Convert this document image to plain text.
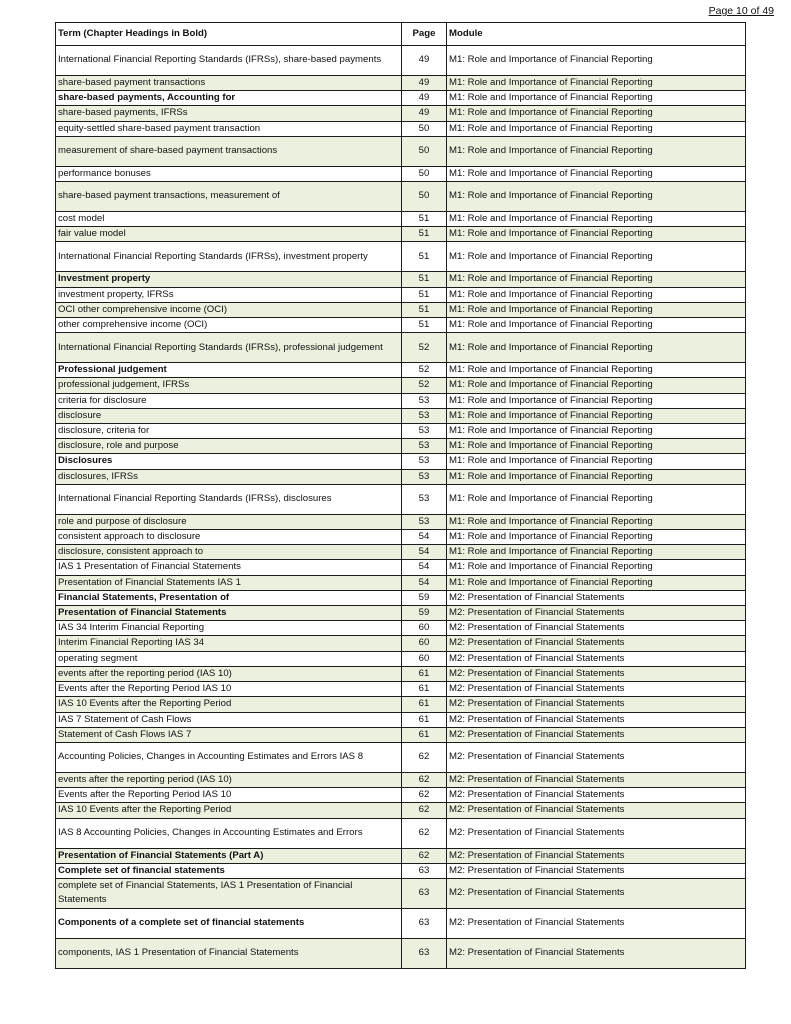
Page 10 of 49
Term (Chapter Headings in Bold)	Page	Module
International Financial Reporting Standards (IFRSs), share-based payments	49	M1: Role and Importance of Financial Reporting
share-based payment transactions	49	M1: Role and Importance of Financial Reporting
share-based payments, Accounting for	49	M1: Role and Importance of Financial Reporting
share-based payments, IFRSs	49	M1: Role and Importance of Financial Reporting
equity-settled share-based payment transaction	50	M1: Role and Importance of Financial Reporting
measurement of share-based payment transactions	50	M1: Role and Importance of Financial Reporting
performance bonuses	50	M1: Role and Importance of Financial Reporting
share-based payment transactions, measurement of	50	M1: Role and Importance of Financial Reporting
cost model	51	M1: Role and Importance of Financial Reporting
fair value model	51	M1: Role and Importance of Financial Reporting
International Financial Reporting Standards (IFRSs), investment property	51	M1: Role and Importance of Financial Reporting
Investment property	51	M1: Role and Importance of Financial Reporting
investment property, IFRSs	51	M1: Role and Importance of Financial Reporting
OCI other comprehensive income (OCI)	51	M1: Role and Importance of Financial Reporting
other comprehensive income (OCI)	51	M1: Role and Importance of Financial Reporting
International Financial Reporting Standards (IFRSs), professional judgement	52	M1: Role and Importance of Financial Reporting
Professional judgement	52	M1: Role and Importance of Financial Reporting
professional judgement, IFRSs	52	M1: Role and Importance of Financial Reporting
criteria for disclosure	53	M1: Role and Importance of Financial Reporting
disclosure	53	M1: Role and Importance of Financial Reporting
disclosure, criteria for	53	M1: Role and Importance of Financial Reporting
disclosure, role and purpose	53	M1: Role and Importance of Financial Reporting
Disclosures	53	M1: Role and Importance of Financial Reporting
disclosures, IFRSs	53	M1: Role and Importance of Financial Reporting
International Financial Reporting Standards (IFRSs), disclosures	53	M1: Role and Importance of Financial Reporting
role and purpose of disclosure	53	M1: Role and Importance of Financial Reporting
consistent approach to disclosure	54	M1: Role and Importance of Financial Reporting
disclosure, consistent approach to	54	M1: Role and Importance of Financial Reporting
IAS 1 Presentation of Financial Statements	54	M1: Role and Importance of Financial Reporting
Presentation of Financial Statements IAS 1	54	M1: Role and Importance of Financial Reporting
Financial Statements, Presentation of	59	M2: Presentation of Financial Statements
Presentation of Financial Statements	59	M2: Presentation of Financial Statements
IAS 34 Interim Financial Reporting	60	M2: Presentation of Financial Statements
Interim Financial Reporting IAS 34	60	M2: Presentation of Financial Statements
operating segment	60	M2: Presentation of Financial Statements
events after the reporting period (IAS 10)	61	M2: Presentation of Financial Statements
Events after the Reporting Period IAS 10	61	M2: Presentation of Financial Statements
IAS 10 Events after the Reporting Period	61	M2: Presentation of Financial Statements
IAS 7 Statement of Cash Flows	61	M2: Presentation of Financial Statements
Statement of Cash Flows IAS 7	61	M2: Presentation of Financial Statements
Accounting Policies, Changes in Accounting Estimates and Errors IAS 8	62	M2: Presentation of Financial Statements
events after the reporting period (IAS 10)	62	M2: Presentation of Financial Statements
Events after the Reporting Period IAS 10	62	M2: Presentation of Financial Statements
IAS 10 Events after the Reporting Period	62	M2: Presentation of Financial Statements
IAS 8 Accounting Policies, Changes in Accounting Estimates and Errors	62	M2: Presentation of Financial Statements
Presentation of Financial Statements (Part A)	62	M2: Presentation of Financial Statements
Complete set of financial statements	63	M2: Presentation of Financial Statements
complete set of Financial Statements, IAS 1 Presentation of Financial Statements	63	M2: Presentation of Financial Statements
Components of a complete set of financial statements	63	M2: Presentation of Financial Statements
components, IAS 1 Presentation of Financial Statements	63	M2: Presentation of Financial Statements
